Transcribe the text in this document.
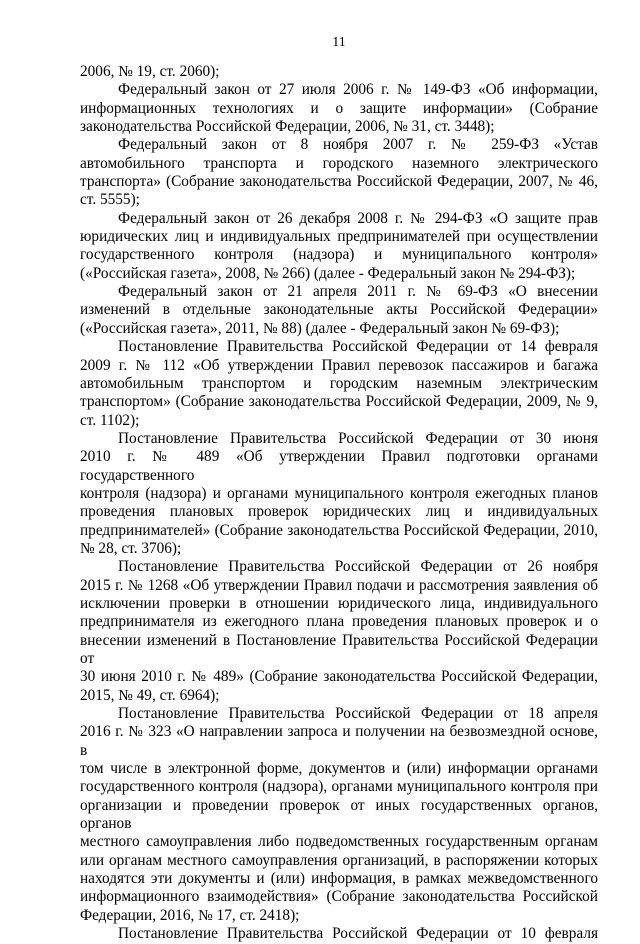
11
2006, № 19, ст. 2060);
Федеральный закон от 27 июля 2006 г. № 149-ФЗ «Об информации,
информационных технологиях и о защите информации» (Собрание
законодательства Российской Федерации, 2006, № 31, ст. 3448);
Федеральный закон от 8 ноября 2007 г. № 259-ФЗ «Устав
автомобильного транспорта и городского наземного электрического
транспорта» (Собрание законодательства Российской Федерации, 2007, № 46,
ст. 5555);
Федеральный закон от 26 декабря 2008 г. № 294-ФЗ «О защите прав
юридических лиц и индивидуальных предпринимателей при осуществлении
государственного контроля (надзора) и муниципального контроля»
(«Российская газета», 2008, № 266) (далее - Федеральный закон № 294-ФЗ);
Федеральный закон от 21 апреля 2011 г. № 69-ФЗ «О внесении
изменений в отдельные законодательные акты Российской Федерации»
(«Российская газета», 2011, № 88) (далее - Федеральный закон № 69-ФЗ);
Постановление Правительства Российской Федерации от 14 февраля
2009 г. № 112 «Об утверждении Правил перевозок пассажиров и багажа
автомобильным транспортом и городским наземным электрическим
транспортом» (Собрание законодательства Российской Федерации, 2009, № 9,
ст. 1102);
Постановление Правительства Российской Федерации от 30 июня
2010 г. № 489 «Об утверждении Правил подготовки органами государственного
контроля (надзора) и органами муниципального контроля ежегодных планов
проведения плановых проверок юридических лиц и индивидуальных
предпринимателей» (Собрание законодательства Российской Федерации, 2010,
№ 28, ст. 3706);
Постановление Правительства Российской Федерации от 26 ноября
2015 г. № 1268 «Об утверждении Правил подачи и рассмотрения заявления об
исключении проверки в отношении юридического лица, индивидуального
предпринимателя из ежегодного плана проведения плановых проверок и о
внесении изменений в Постановление Правительства Российской Федерации от
30 июня 2010 г. № 489» (Собрание законодательства Российской Федерации,
2015, № 49, ст. 6964);
Постановление Правительства Российской Федерации от 18 апреля
2016 г. № 323 «О направлении запроса и получении на безвозмездной основе, в
том числе в электронной форме, документов и (или) информации органами
государственного контроля (надзора), органами муниципального контроля при
организации и проведении проверок от иных государственных органов, органов
местного самоуправления либо подведомственных государственным органам
или органам местного самоуправления организаций, в распоряжении которых
находятся эти документы и (или) информация, в рамках межведомственного
информационного взаимодействия» (Собрание законодательства Российской
Федерации, 2016, № 17, ст. 2418);
Постановление Правительства Российской Федерации от 10 февраля
